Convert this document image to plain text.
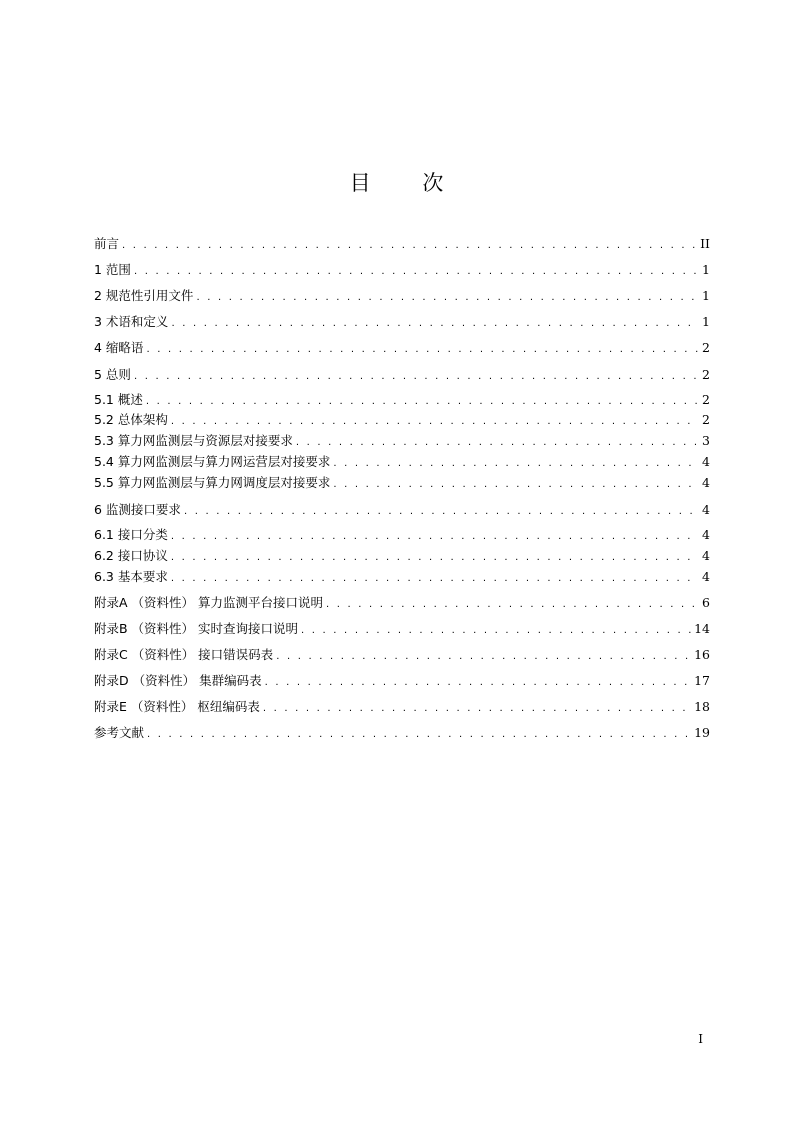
目 次
前言 . . .	II
1 范围 . . .	1
2 规范性引用文件 . . .	1
3 术语和定义 . . .	1
4 缩略语 . . .	2
5 总则 . . .	2
5.1 概述 . . .	2
5.2 总体架构 . . .	2
5.3 算力网监测层与资源层对接要求 . . .	3
5.4 算力网监测层与算力网运营层对接要求 . . .	4
5.5 算力网监测层与算力网调度层对接要求 . . .	4
6 监测接口要求 . . .	4
6.1 接口分类 . . .	4
6.2 接口协议 . . .	4
6.3 基本要求 . . .	4
附录A （资料性） 算力监测平台接口说明 . . .	6
附录B （资料性） 实时查询接口说明 . . .	14
附录C （资料性） 接口错误码表 . . .	16
附录D （资料性） 集群编码表 . . .	17
附录E （资料性） 枢纽编码表 . . .	18
参考文献 . . .	19
I
